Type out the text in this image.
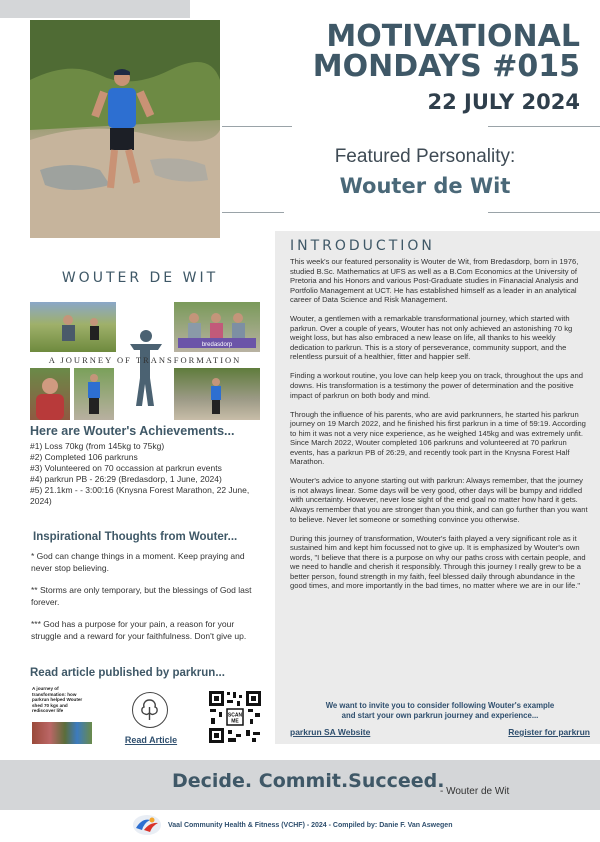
MOTIVATIONAL
MONDAYS #015
22 JULY 2024
Featured Personality:
Wouter de Wit
WOUTER DE WIT
bredasdorp
A JOURNEY OF TRANSFORMATION
Here are Wouter's Achievements...
#1) Loss 70kg (from 145kg to 75kg)
#2) Completed 106 parkruns
#3) Volunteered on 70 occassion at parkrun events
#4) parkrun PB - 26:29 (Bredasdorp, 1 June, 2024)
#5) 21.1km - - 3:00:16 (Knysna Forest Marathon, 22 June, 2024)
Inspirational Thoughts from Wouter...

* God can change things in a moment. Keep praying and never stop believing.

** Storms are only temporary, but the blessings of God last forever.

*** God has a purpose for your pain, a reason for your struggle and a reward for your faithfulness. Don't give up.

Read article published by parkrun...
A journey of transformation: how parkrun helped Wouter shed 70 kgs and rediscover life
Read Article
SCAN
ME
INTRODUCTION

This week's our featured personality is Wouter de Wit, from Bredasdorp, born in 1976, studied B.Sc. Mathematics at UFS as well as a B.Com Economics at the University of Pretoria and his Honors and various Post-Graduate studies in Finanacial Analysis and Portfolio Management at UCT. He has established himself as a leader in an analytical career of Data Science and Risk Management.

Wouter, a gentlemen with a remarkable transformational journey, which started with parkrun. Over a couple of years, Wouter has not only achieved an astonishing 70 kg weight loss, but has also embraced a new lease on life, all thanks to his weekly dedication to parkrun. This is a story of perseverance, community support, and the relentless pursuit of a healthier, fitter and happier self.

Finding a workout routine, you love can help keep you on track, throughout the ups and downs. His transformation is a testimony the power of determination and the positive impact of parkrun on both body and mind.

Through the influence of his parents, who are avid parkrunners, he started his parkrun journey on 19 March 2022, and he finished his first parkrun in a time of 59:19. According to him it was not a very nice experience, as he weighed 145kg and was extremely unfit. Since March 2022, Wouter completed 106 parkruns and volunteered at 70 parkrun events, has a parkrun PB of 26:29, and recently took part in the Knysna Forest Half Marathon.

Wouter's advice to anyone starting out with parkrun: Always remember, that the journey is not always linear. Some days will be very good, other days will be bumpy and riddled with uncertainty. However, never lose sight of the end goal no matter how hard it gets. Always remember that you are stronger than you think, and can go further than you want to believe. Never let someone or something convince you otherwise.

During this journey of transformation, Wouter's faith played a very significant role as it sustained him and kept him focussed not to give up. It is emphasized by Wouter's own words, "I believe that there is a purpose on why our paths cross with certain people, and we need to handle and cherish it responsibly. Through this journey I really grew to be a better person, found strength in my faith, feel blessed daily through abundance in the good times, and more importantly in the bad times, no matter where we are in our life."

We want to invite you to consider following Wouter's example
and start your own parkrun journey and experience...
parkrun SA Website	Register for parkrun
Decide. Commit.Succeed.
- Wouter de Wit
Vaal Community Health & Fitness (VCHF) - 2024 - Compiled by: Danie F. Van Aswegen
